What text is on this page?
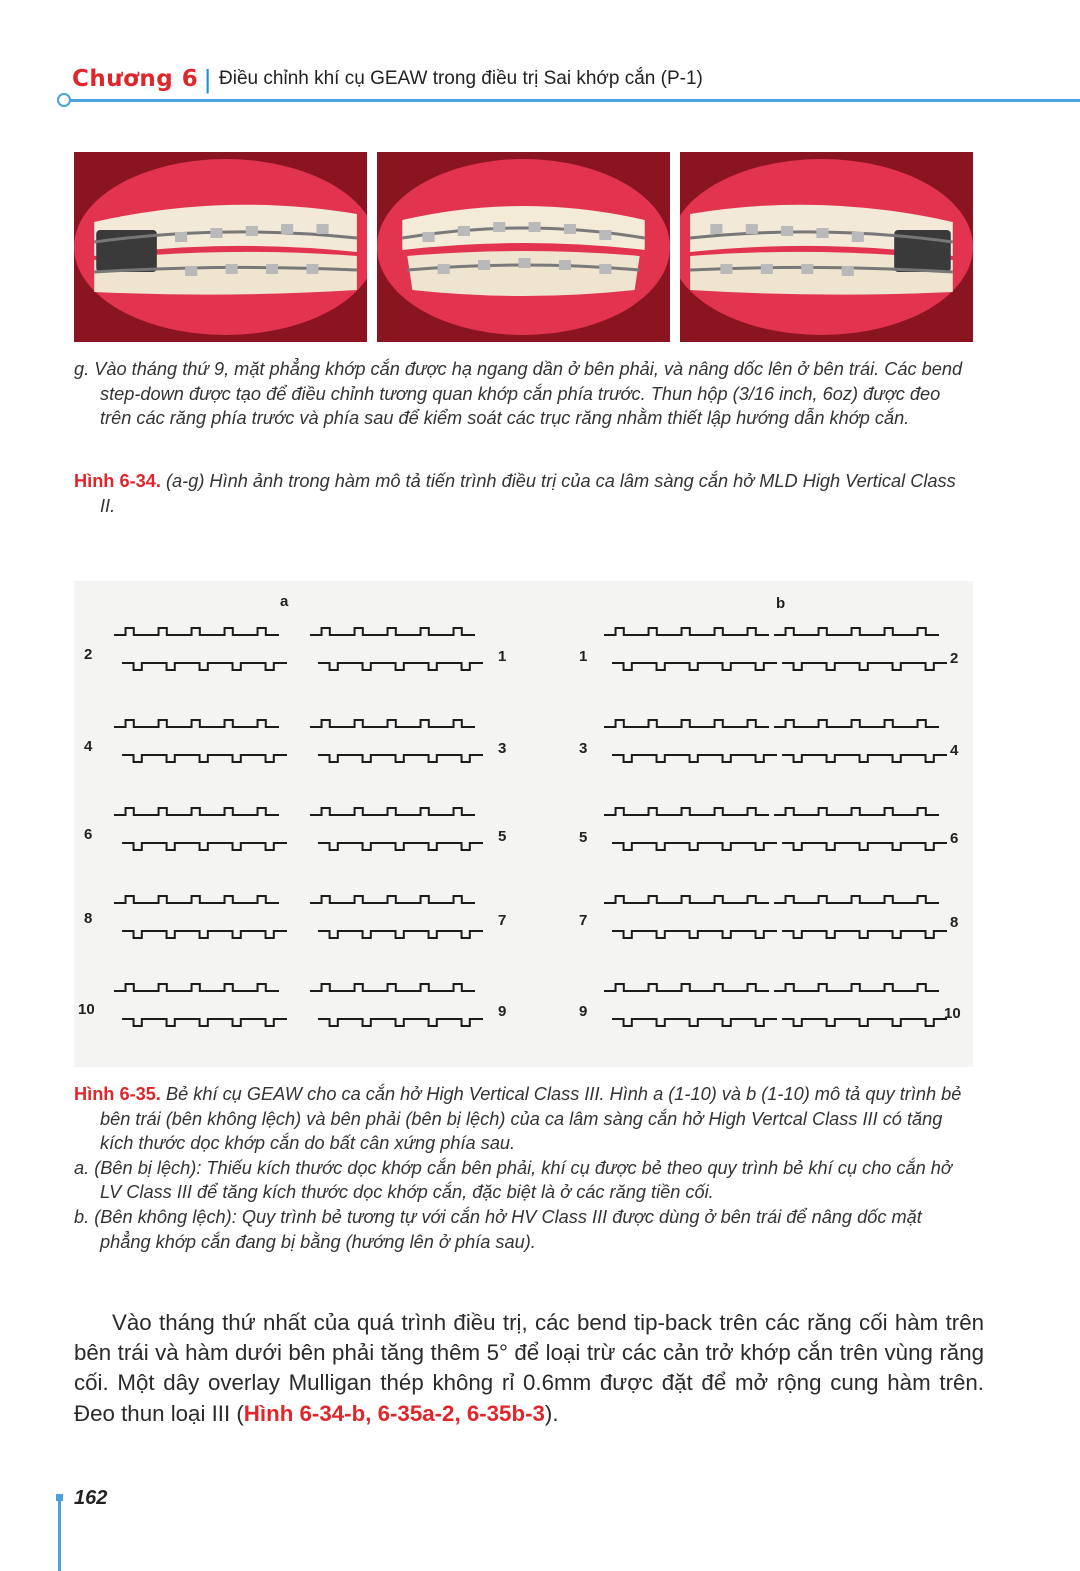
Chương 6 | Điều chỉnh khí cụ GEAW trong điều trị Sai khớp cắn (P-1)
g. Vào tháng thứ 9, mặt phẳng khớp cắn được hạ ngang dần ở bên phải, và nâng dốc lên ở bên trái. Các bend step-down được tạo để điều chỉnh tương quan khớp cắn phía trước. Thun hộp (3/16 inch, 6oz) được đeo trên các răng phía trước và phía sau để kiểm soát các trục răng nhằm thiết lập hướng dẫn khớp cắn.
Hình 6-34. (a-g) Hình ảnh trong hàm mô tả tiến trình điều trị của ca lâm sàng cắn hở MLD High Vertical Class II.
a	b
2
4
6
8
10
1
3
5
7
9
1
3
5
7
9
2
4
6
8
10
Hình 6-35. Bẻ khí cụ GEAW cho ca cắn hở High Vertical Class III. Hình a (1-10) và b (1-10) mô tả quy trình bẻ bên trái (bên không lệch) và bên phải (bên bị lệch) của ca lâm sàng cắn hở High Vertcal Class III có tăng kích thước dọc khớp cắn do bất cân xứng phía sau.
a. (Bên bị lệch): Thiếu kích thước dọc khớp cắn bên phải, khí cụ được bẻ theo quy trình bẻ khí cụ cho cắn hở LV Class III để tăng kích thước dọc khớp cắn, đặc biệt là ở các răng tiền cối.
b. (Bên không lệch): Quy trình bẻ tương tự với cắn hở HV Class III được dùng ở bên trái để nâng dốc mặt phẳng khớp cắn đang bị bằng (hướng lên ở phía sau).
Vào tháng thứ nhất của quá trình điều trị, các bend tip-back trên các răng cối hàm trên bên trái và hàm dưới bên phải tăng thêm 5° để loại trừ các cản trở khớp cắn trên vùng răng cối. Một dây overlay Mulligan thép không rỉ 0.6mm được đặt để mở rộng cung hàm trên. Đeo thun loại III (Hình 6-34-b, 6-35a-2, 6-35b-3).
162
